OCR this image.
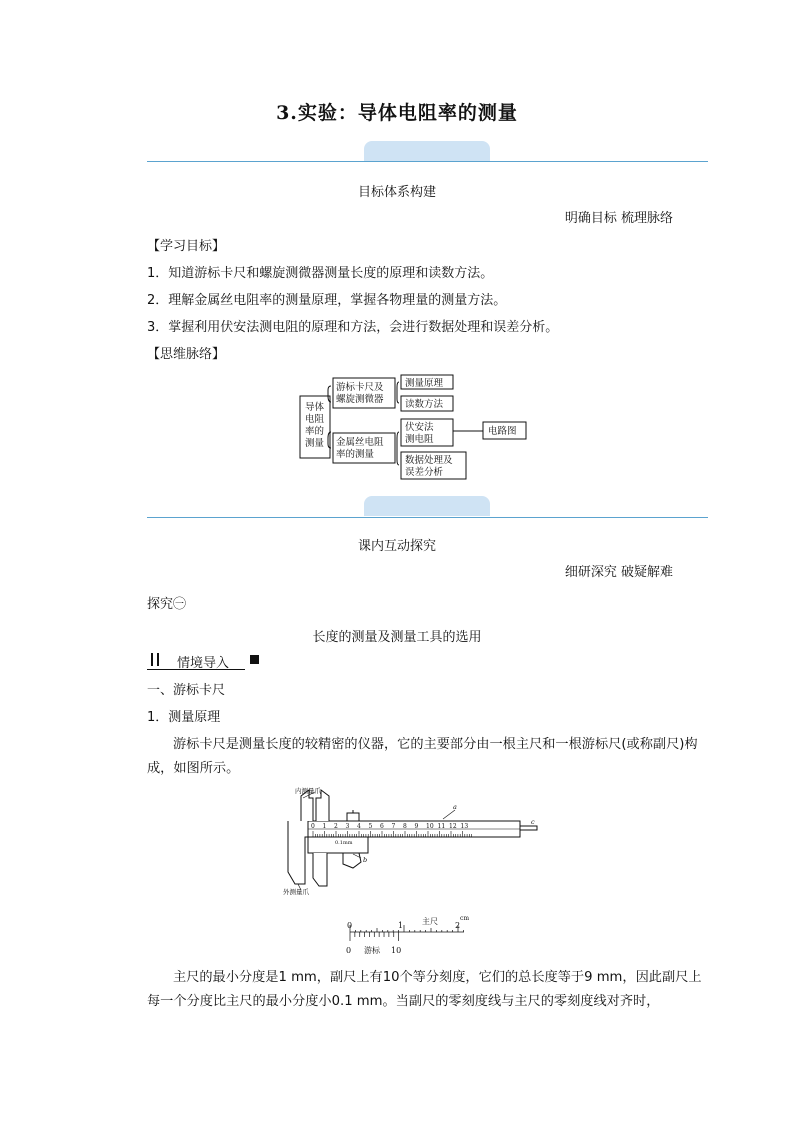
3.实验：导体电阻率的测量
目标体系构建
明确目标 梳理脉络
【学习目标】
1．知道游标卡尺和螺旋测微器测量长度的原理和读数方法。
2．理解金属丝电阻率的测量原理，掌握各物理量的测量方法。
3．掌握利用伏安法测电阻的原理和方法，会进行数据处理和误差分析。
【思维脉络】
导体
电阻
率的
测量
游标卡尺及
螺旋测微器
金属丝电阻
率的测量
测量原理
读数方法
伏安法
测电阻
数据处理及
误差分析
电路图
课内互动探究
细研深究 破疑解难
探究㊀
长度的测量及测量工具的选用
情境导入
一、游标卡尺
1．测量原理
游标卡尺是测量长度的较精密的仪器，它的主要部分由一根主尺和一根游标尺(或称副尺)构成，如图所示。
内测量爪
外测量爪
a
b
c
0.1mm
0 1 2 3 4 5 6 7 8 9 10 11 12 13
0	1	2
主尺	cm
0	10
游标
主尺的最小分度是1 mm，副尺上有10个等分刻度，它们的总长度等于9 mm，因此副尺上每一个分度比主尺的最小分度小0.1 mm。当副尺的零刻度线与主尺的零刻度线对齐时，
